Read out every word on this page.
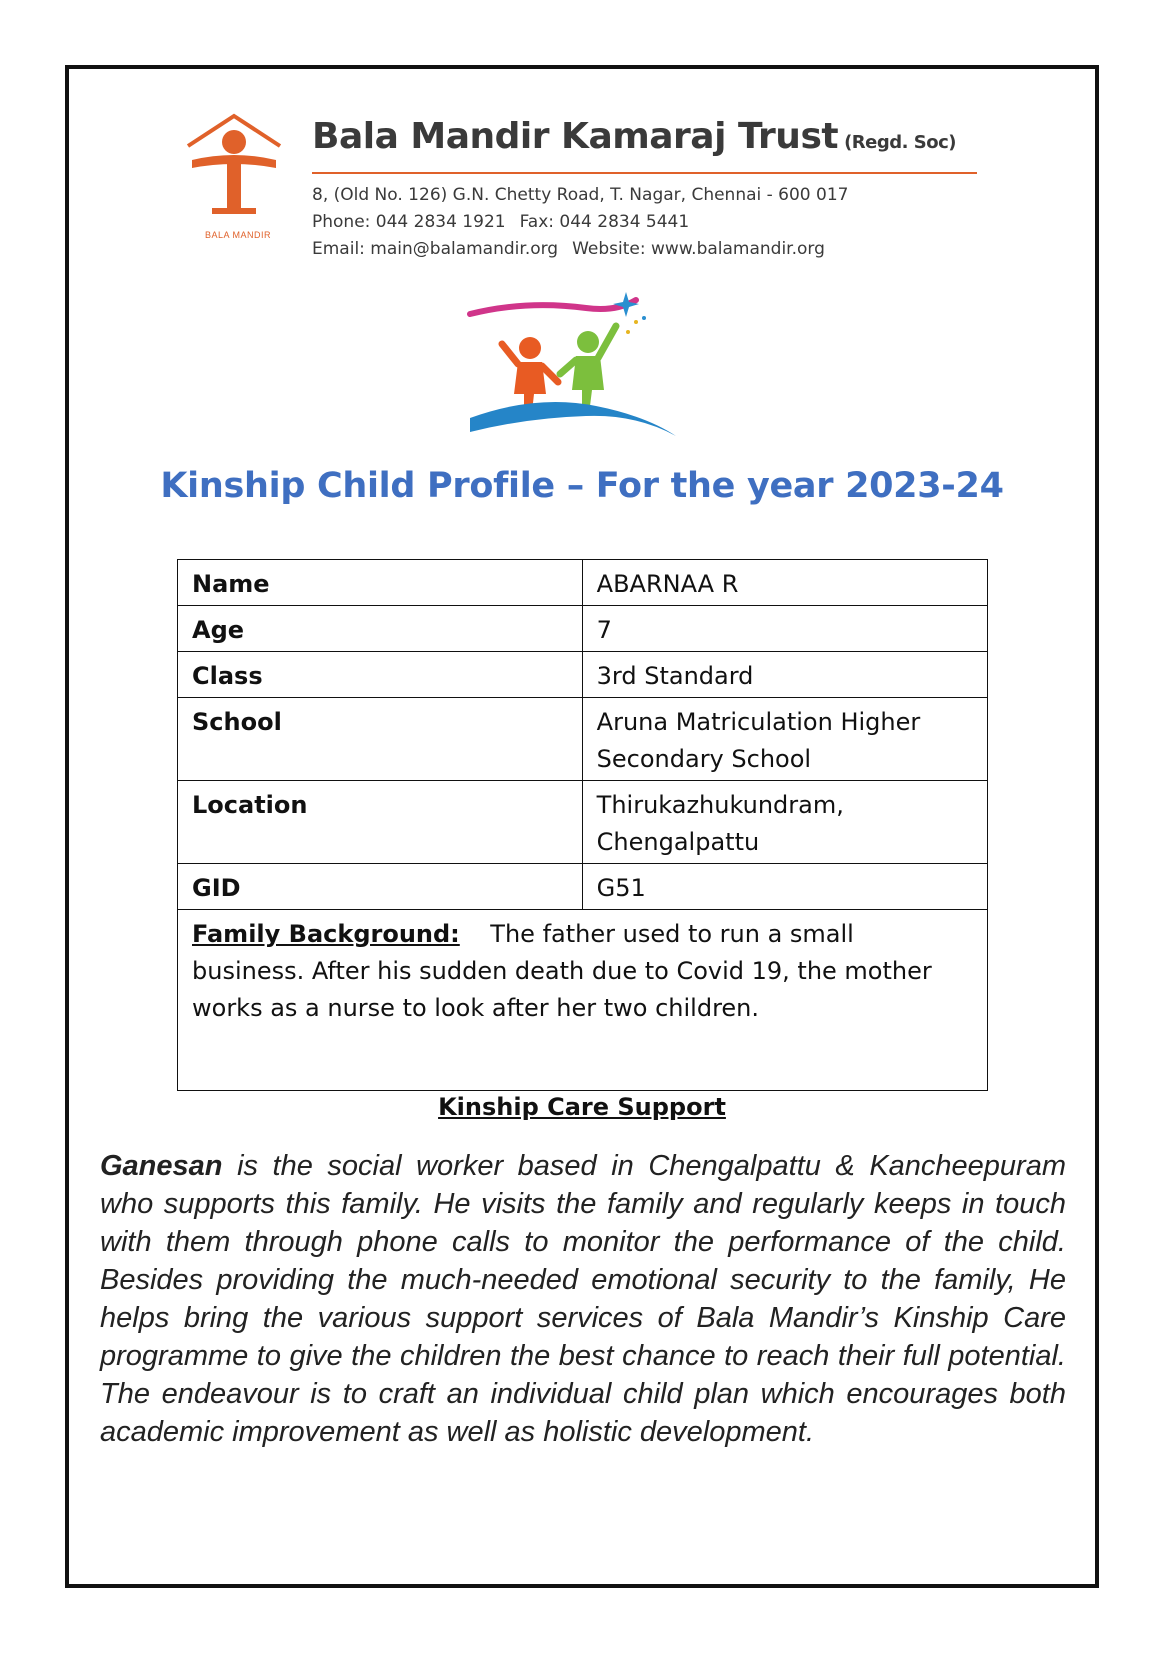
BALA MANDIR
Bala Mandir Kamaraj Trust (Regd. Soc)
8, (Old No. 126) G.N. Chetty Road, T. Nagar, Chennai - 600 017
Phone: 044 2834 1921 Fax: 044 2834 5441
Email: main@balamandir.org Website: www.balamandir.org
Kinship Child Profile – For the year 2023-24
Name	ABARNAA R
Age	7
Class	3rd Standard
School	Aruna Matriculation Higher Secondary School
Location	Thirukazhukundram, Chengalpattu
GID	G51
Family Background: The father used to run a small business. After his sudden death due to Covid 19, the mother works as a nurse to look after her two children.	
Kinship Care Support
Ganesan is the social worker based in Chengalpattu & Kancheepuram who supports this family. He visits the family and regularly keeps in touch with them through phone calls to monitor the performance of the child. Besides providing the much-needed emotional security to the family, He helps bring the various support services of Bala Mandir’s Kinship Care programme to give the children the best chance to reach their full potential. The endeavour is to craft an individual child plan which encourages both academic improvement as well as holistic development.
